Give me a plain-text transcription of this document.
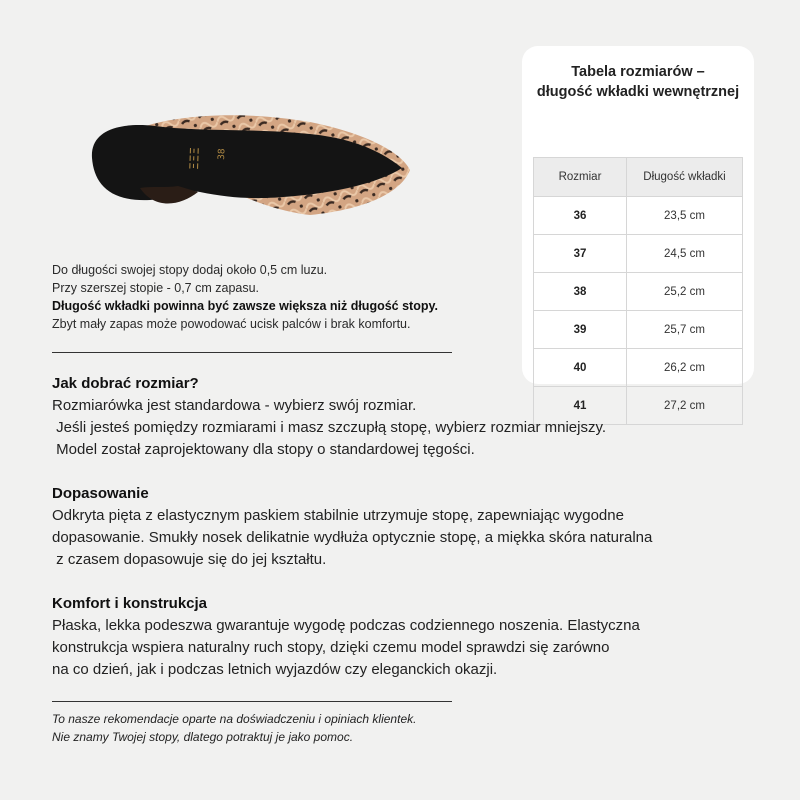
ΞΞΞ 38
Tabela rozmiarów –
długość wkładki wewnętrznej
Rozmiar	Długość wkładki
36	23,5 cm
37	24,5 cm
38	25,2 cm
39	25,7 cm
40	26,2 cm
41	27,2 cm
Do długości swojej stopy dodaj około 0,5 cm luzu.
Przy szerszej stopie - 0,7 cm zapasu.
Długość wkładki powinna być zawsze większa niż długość stopy.
Zbyt mały zapas może powodować ucisk palców i brak komfortu.
Jak dobrać rozmiar?

Rozmiarówka jest standardowa - wybierz swój rozmiar.

Jeśli jesteś pomiędzy rozmiarami i masz szczupłą stopę, wybierz rozmiar mniejszy.

Model został zaprojektowany dla stopy o standardowej tęgości.

Dopasowanie

Odkryta pięta z elastycznym paskiem stabilnie utrzymuje stopę, zapewniając wygodne

dopasowanie. Smukły nosek delikatnie wydłuża optycznie stopę, a miękka skóra naturalna

z czasem dopasowuje się do jej kształtu.

Komfort i konstrukcja

Płaska, lekka podeszwa gwarantuje wygodę podczas codziennego noszenia. Elastyczna

konstrukcja wspiera naturalny ruch stopy, dzięki czemu model sprawdzi się zarówno

na co dzień, jak i podczas letnich wyjazdów czy eleganckich okazji.

To nasze rekomendacje oparte na doświadczeniu i opiniach klientek.
Nie znamy Twojej stopy, dlatego potraktuj je jako pomoc.
